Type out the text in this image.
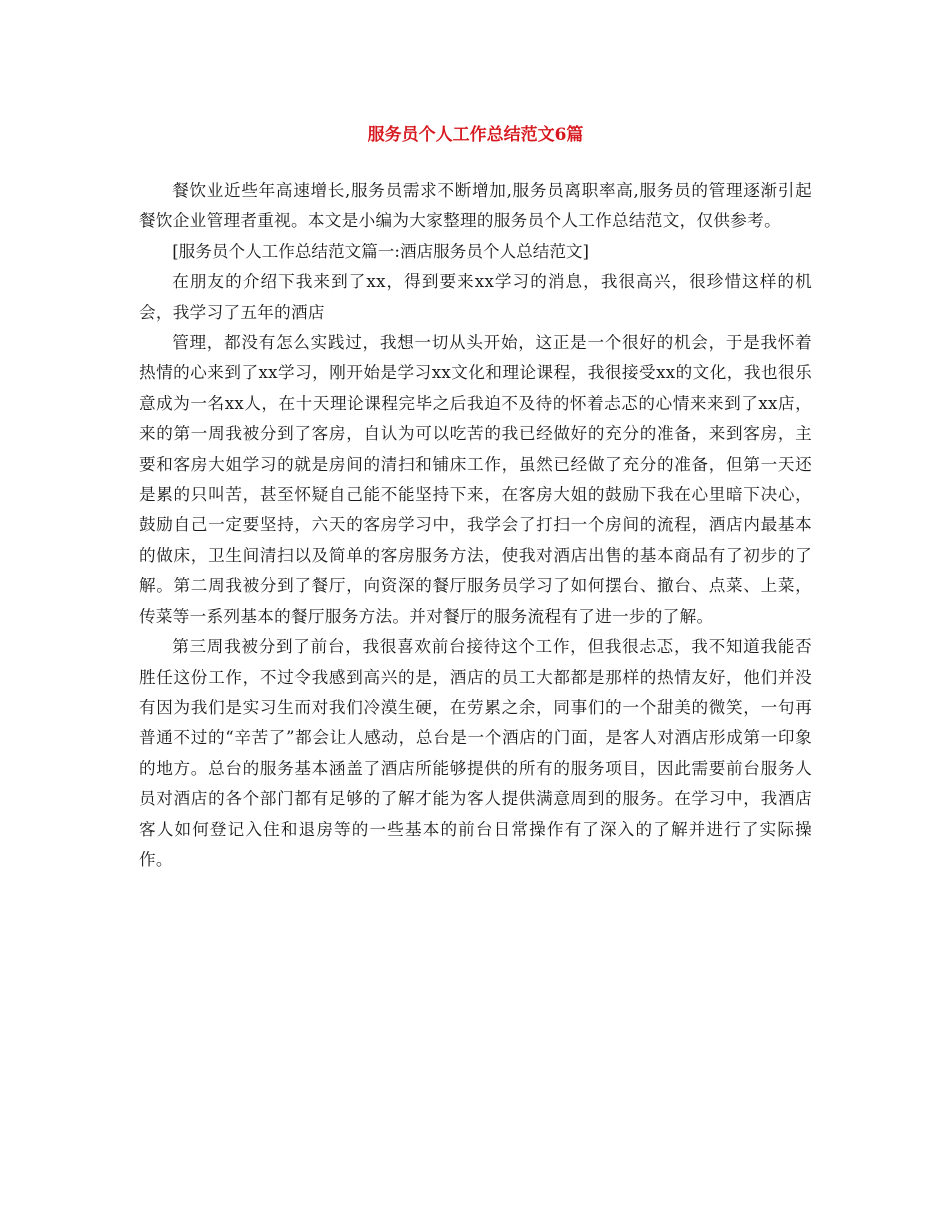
服务员个人工作总结范文6篇

餐饮业近些年高速增长,服务员需求不断增加,服务员离职率高,服务员的管理逐渐引起餐饮企业管理者重视。本文是小编为大家整理的服务员个人工作总结范文，仅供参考。

[服务员个人工作总结范文篇一:酒店服务员个人总结范文]

在朋友的介绍下我来到了xx，得到要来xx学习的消息，我很高兴，很珍惜这样的机会，我学习了五年的酒店

管理，都没有怎么实践过，我想一切从头开始，这正是一个很好的机会，于是我怀着热情的心来到了xx学习，刚开始是学习xx文化和理论课程，我很接受xx的文化，我也很乐意成为一名xx人，在十天理论课程完毕之后我迫不及待的怀着忐忑的心情来来到了xx店，来的第一周我被分到了客房，自认为可以吃苦的我已经做好的充分的准备，来到客房，主要和客房大姐学习的就是房间的清扫和铺床工作，虽然已经做了充分的准备，但第一天还是累的只叫苦，甚至怀疑自己能不能坚持下来，在客房大姐的鼓励下我在心里暗下决心，鼓励自己一定要坚持，六天的客房学习中，我学会了打扫一个房间的流程，酒店内最基本的做床，卫生间清扫以及简单的客房服务方法，使我对酒店出售的基本商品有了初步的了解。第二周我被分到了餐厅，向资深的餐厅服务员学习了如何摆台、撤台、点菜、上菜，传菜等一系列基本的餐厅服务方法。并对餐厅的服务流程有了进一步的了解。

第三周我被分到了前台，我很喜欢前台接待这个工作，但我很忐忑，我不知道我能否胜任这份工作，不过令我感到高兴的是，酒店的员工大都都是那样的热情友好，他们并没有因为我们是实习生而对我们冷漠生硬，在劳累之余，同事们的一个甜美的微笑，一句再普通不过的“辛苦了”都会让人感动，总台是一个酒店的门面，是客人对酒店形成第一印象的地方。总台的服务基本涵盖了酒店所能够提供的所有的服务项目，因此需要前台服务人员对酒店的各个部门都有足够的了解才能为客人提供满意周到的服务。在学习中，我酒店客人如何登记入住和退房等的一些基本的前台日常操作有了深入的了解并进行了实际操作。
